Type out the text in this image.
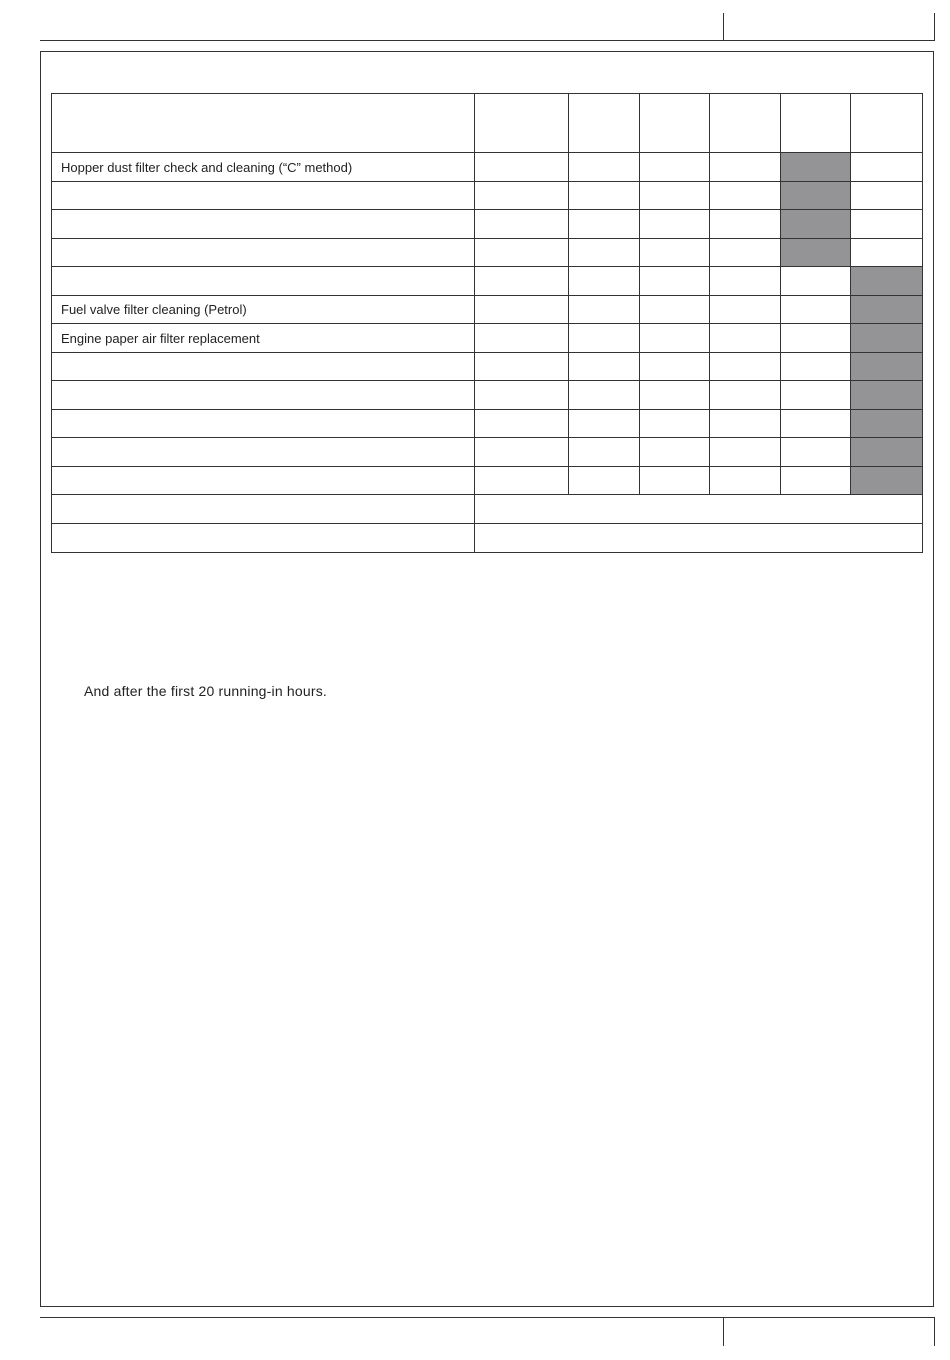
Hopper dust filter check and cleaning (“C” method)
Fuel valve filter cleaning (Petrol)
Engine paper air filter replacement
And after the first 20 running-in hours.
